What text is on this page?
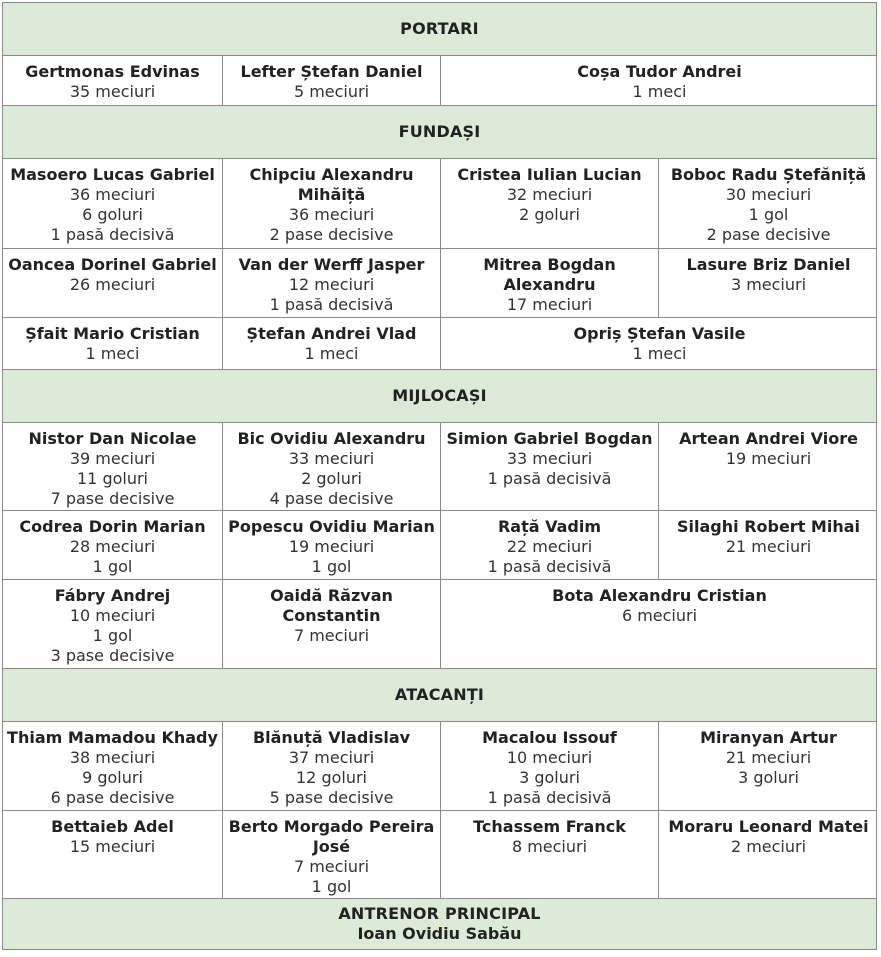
PORTARI
Gertmonas Edvinas
35 meciuri
Lefter Ștefan Daniel
5 meciuri
Coșa Tudor Andrei
1 meci
FUNDAȘI
Masoero Lucas Gabriel
36 meciuri
6 goluri
1 pasă decisivă
Chipciu Alexandru Mihăiță
36 meciuri
2 pase decisive
Cristea Iulian Lucian
32 meciuri
2 goluri
Boboc Radu Ștefăniță
30 meciuri
1 gol
2 pase decisive
Oancea Dorinel Gabriel
26 meciuri
Van der Werff Jasper
12 meciuri
1 pasă decisivă
Mitrea Bogdan Alexandru
17 meciuri
Lasure Briz Daniel
3 meciuri
Șfait Mario Cristian
1 meci
Ștefan Andrei Vlad
1 meci
Opriș Ștefan Vasile
1 meci
MIJLOCAȘI
Nistor Dan Nicolae
39 meciuri
11 goluri
7 pase decisive
Bic Ovidiu Alexandru
33 meciuri
2 goluri
4 pase decisive
Simion Gabriel Bogdan
33 meciuri
1 pasă decisivă
Artean Andrei Viore
19 meciuri
Codrea Dorin Marian
28 meciuri
1 gol
Popescu Ovidiu Marian
19 meciuri
1 gol
Rață Vadim
22 meciuri
1 pasă decisivă
Silaghi Robert Mihai
21 meciuri
Fábry Andrej
10 meciuri
1 gol
3 pase decisive
Oaidă Răzvan Constantin
7 meciuri
Bota Alexandru Cristian
6 meciuri
ATACANȚI
Thiam Mamadou Khady
38 meciuri
9 goluri
6 pase decisive
Blănuță Vladislav
37 meciuri
12 goluri
5 pase decisive
Macalou Issouf
10 meciuri
3 goluri
1 pasă decisivă
Miranyan Artur
21 meciuri
3 goluri
Bettaieb Adel
15 meciuri
Berto Morgado Pereira José
7 meciuri
1 gol
Tchassem Franck
8 meciuri
Moraru Leonard Matei
2 meciuri
ANTRENOR PRINCIPAL
Ioan Ovidiu Sabău
